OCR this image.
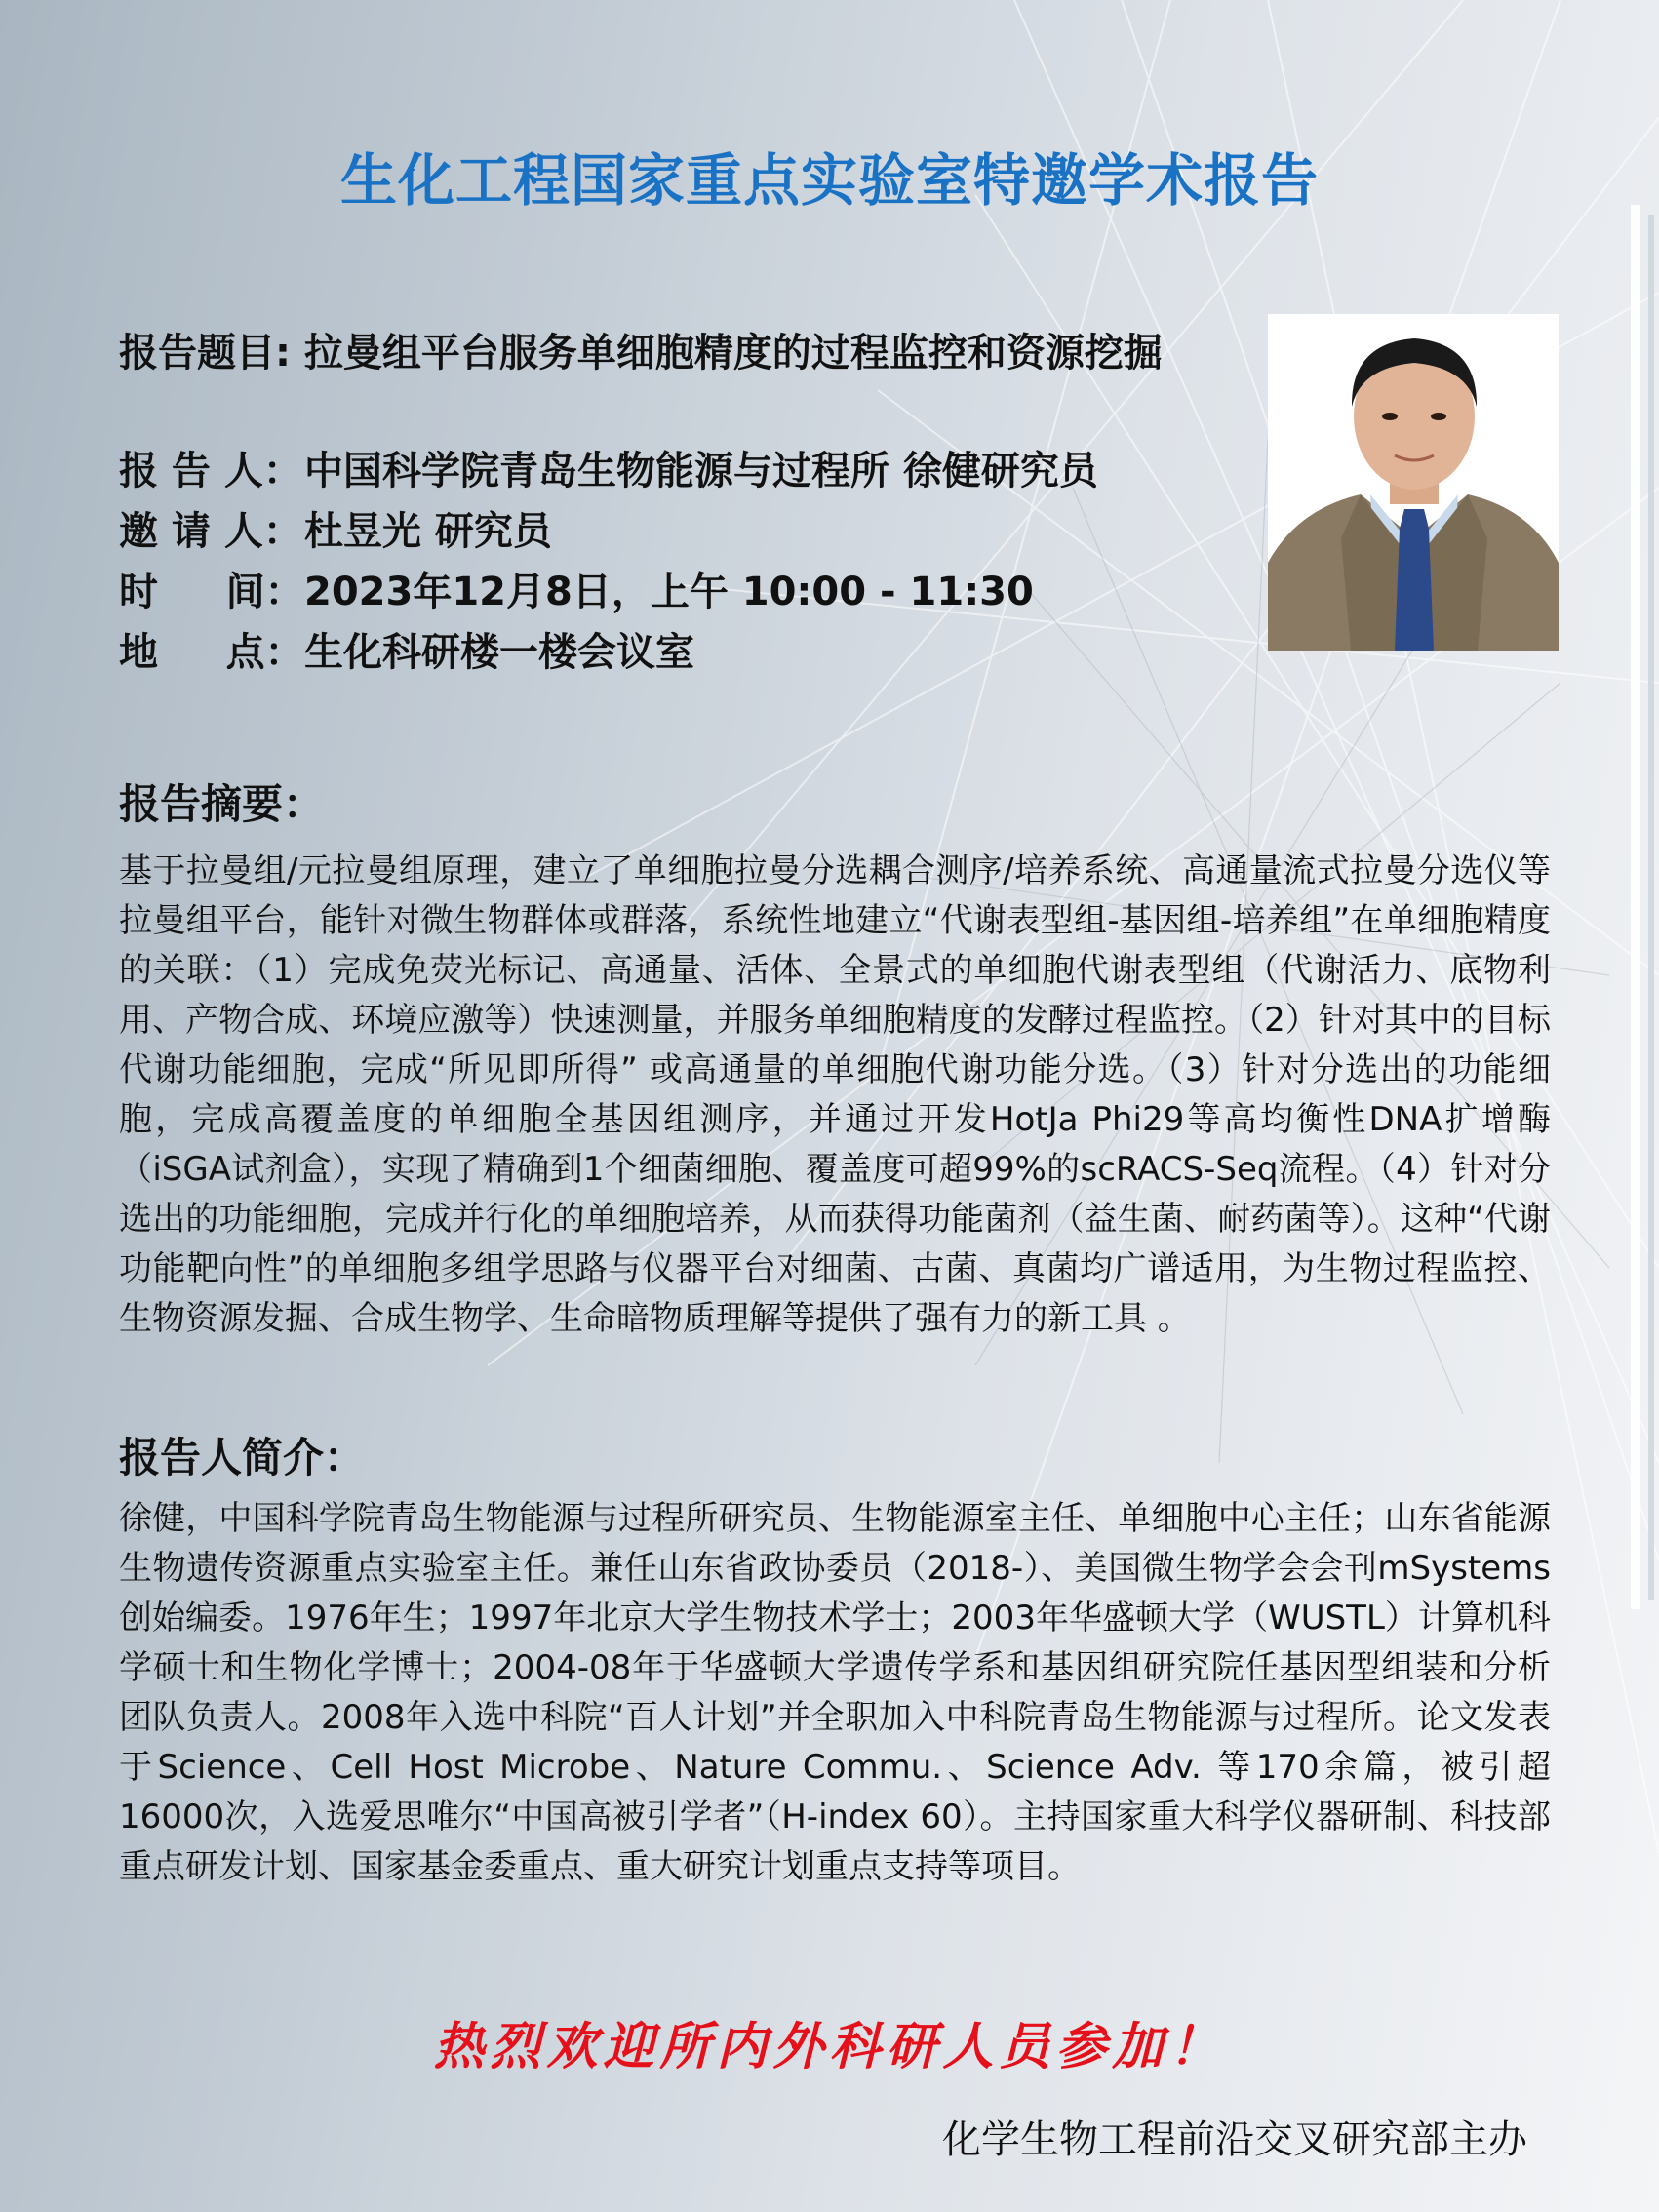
生化工程国家重点实验室特邀学术报告
报告题目: 拉曼组平台服务单细胞精度的过程监控和资源挖掘
报 告 人： 中国科学院青岛生物能源与过程所 徐健研究员
邀 请 人： 杜昱光 研究员
时     间： 2023年12月8日，上午 10:00 - 11:30
地     点： 生化科研楼一楼会议室
报告摘要：
基于拉曼组/元拉曼组原理，建立了单细胞拉曼分选耦合测序/培养系统、高通量流式拉曼分选仪等拉曼组平台，能针对微生物群体或群落，系统性地建立“代谢表型组-基因组-培养组”在单细胞精度的关联：（1）完成免荧光标记、高通量、活体、全景式的单细胞代谢表型组（代谢活力、底物利用、产物合成、环境应激等）快速测量，并服务单细胞精度的发酵过程监控。（2）针对其中的目标代谢功能细胞，完成“所见即所得” 或高通量的单细胞代谢功能分选。（3）针对分选出的功能细胞，完成高覆盖度的单细胞全基因组测序，并通过开发HotJa Phi29等高均衡性DNA扩增酶（iSGA试剂盒），实现了精确到1个细菌细胞、覆盖度可超99%的scRACS-Seq流程。（4）针对分选出的功能细胞，完成并行化的单细胞培养，从而获得功能菌剂（益生菌、耐药菌等）。这种“代谢功能靶向性”的单细胞多组学思路与仪器平台对细菌、古菌、真菌均广谱适用，为生物过程监控、生物资源发掘、合成生物学、生命暗物质理解等提供了强有力的新工具 。
报告人简介：
徐健，中国科学院青岛生物能源与过程所研究员、生物能源室主任、单细胞中心主任；山东省能源生物遗传资源重点实验室主任。兼任山东省政协委员（2018-）、美国微生物学会会刊mSystems创始编委。1976年生；1997年北京大学生物技术学士；2003年华盛顿大学（WUSTL）计算机科学硕士和生物化学博士；2004-08年于华盛顿大学遗传学系和基因组研究院任基因型组装和分析团队负责人。2008年入选中科院“百人计划”并全职加入中科院青岛生物能源与过程所。论文发表于Science、Cell Host Microbe、Nature Commu.、Science Adv. 等170余篇，被引超16000次，入选爱思唯尔“中国高被引学者”（H-index 60）。主持国家重大科学仪器研制、科技部重点研发计划、国家基金委重点、重大研究计划重点支持等项目。
热烈欢迎所内外科研人员参加！
化学生物工程前沿交叉研究部主办
